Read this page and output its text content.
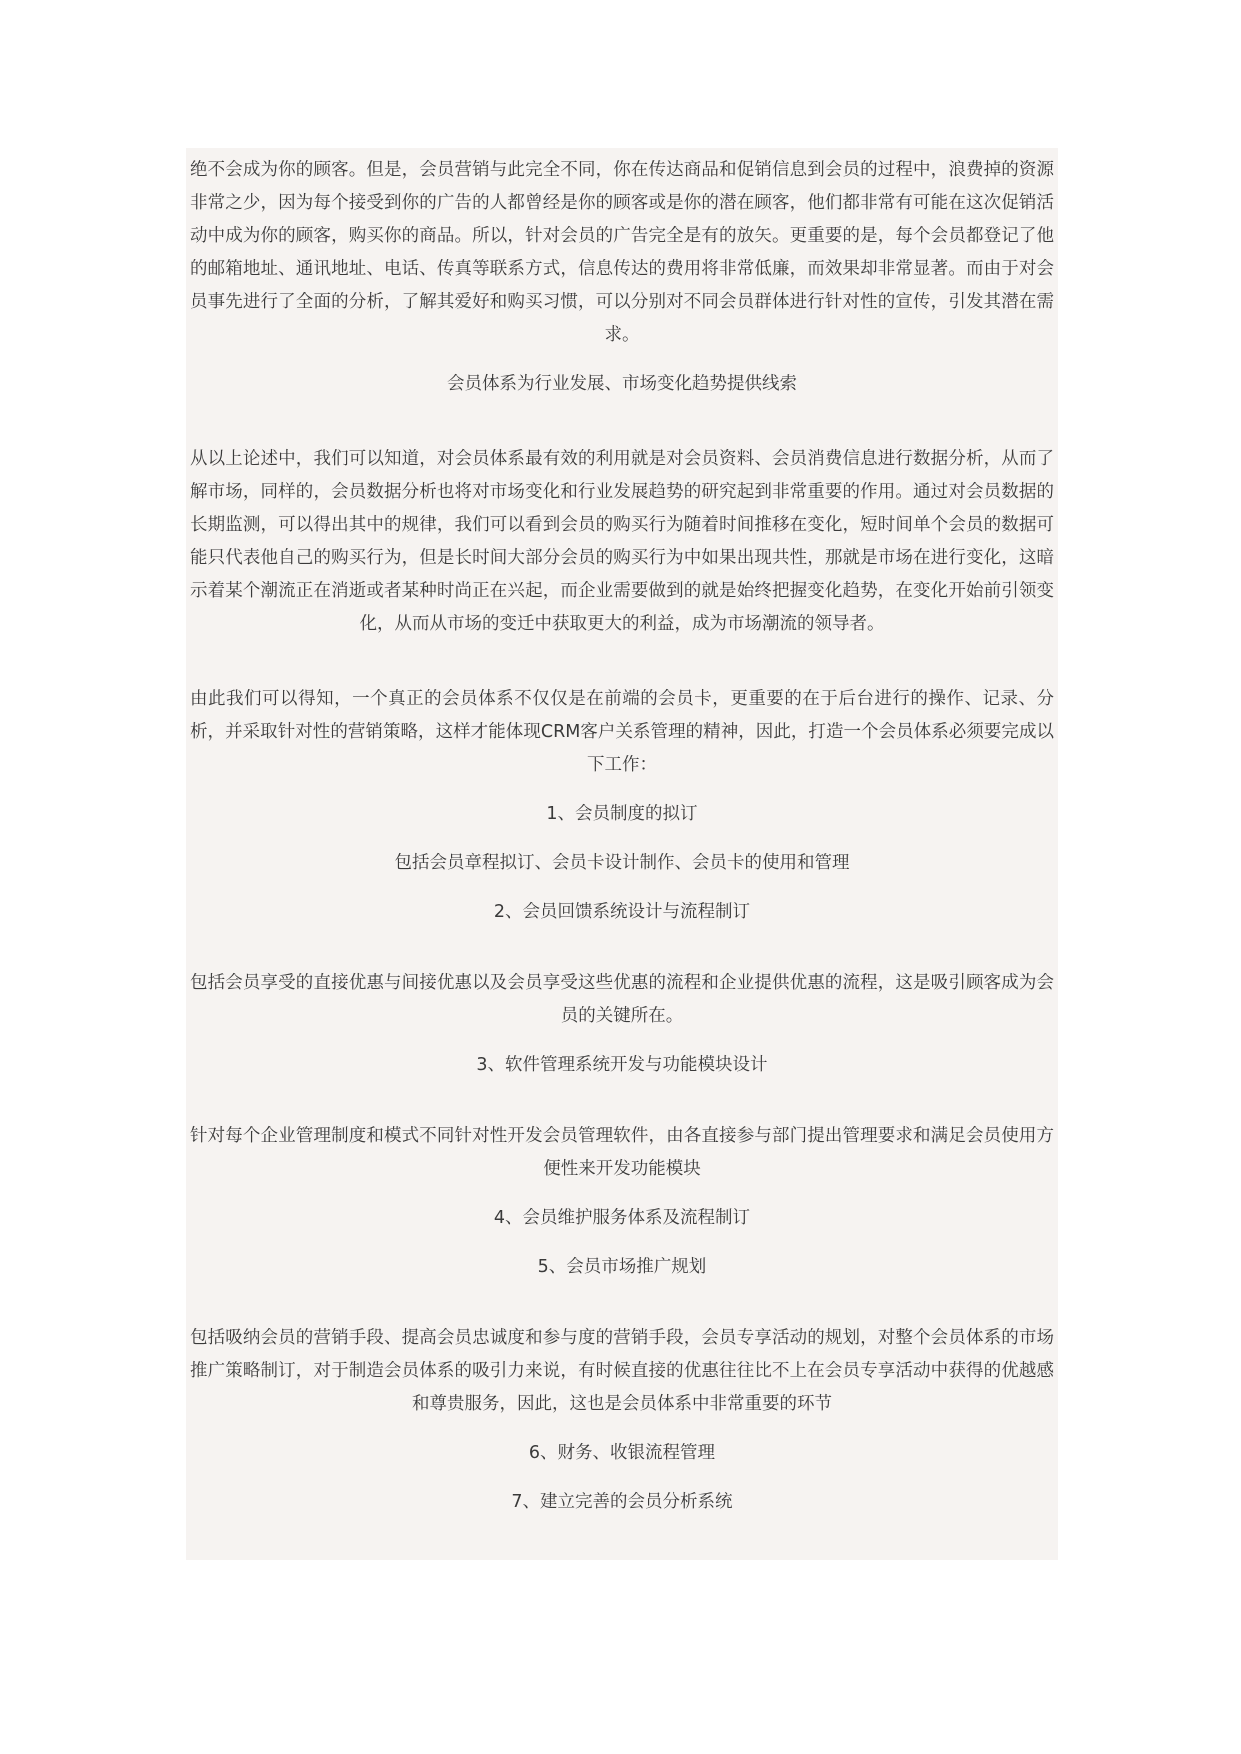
绝不会成为你的顾客。但是，会员营销与此完全不同，你在传达商品和促销信息到会员的过程中，浪费掉的资源非常之少，因为每个接受到你的广告的人都曾经是你的顾客或是你的潜在顾客，他们都非常有可能在这次促销活动中成为你的顾客，购买你的商品。所以，针对会员的广告完全是有的放矢。更重要的是，每个会员都登记了他的邮箱地址、通讯地址、电话、传真等联系方式，信息传达的费用将非常低廉，而效果却非常显著。而由于对会员事先进行了全面的分析，了解其爱好和购买习惯，可以分别对不同会员群体进行针对性的宣传，引发其潜在需求。

会员体系为行业发展、市场变化趋势提供线索

从以上论述中，我们可以知道，对会员体系最有效的利用就是对会员资料、会员消费信息进行数据分析，从而了解市场，同样的，会员数据分析也将对市场变化和行业发展趋势的研究起到非常重要的作用。通过对会员数据的长期监测，可以得出其中的规律，我们可以看到会员的购买行为随着时间推移在变化，短时间单个会员的数据可能只代表他自己的购买行为，但是长时间大部分会员的购买行为中如果出现共性，那就是市场在进行变化，这暗示着某个潮流正在消逝或者某种时尚正在兴起，而企业需要做到的就是始终把握变化趋势，在变化开始前引领变化，从而从市场的变迁中获取更大的利益，成为市场潮流的领导者。

由此我们可以得知，一个真正的会员体系不仅仅是在前端的会员卡，更重要的在于后台进行的操作、记录、分析，并采取针对性的营销策略，这样才能体现CRM客户关系管理的精神，因此，打造一个会员体系必须要完成以下工作：

1、会员制度的拟订

包括会员章程拟订、会员卡设计制作、会员卡的使用和管理

2、会员回馈系统设计与流程制订

包括会员享受的直接优惠与间接优惠以及会员享受这些优惠的流程和企业提供优惠的流程，这是吸引顾客成为会员的关键所在。

3、软件管理系统开发与功能模块设计

针对每个企业管理制度和模式不同针对性开发会员管理软件，由各直接参与部门提出管理要求和满足会员使用方便性来开发功能模块

4、会员维护服务体系及流程制订

5、会员市场推广规划

包括吸纳会员的营销手段、提高会员忠诚度和参与度的营销手段，会员专享活动的规划，对整个会员体系的市场推广策略制订，对于制造会员体系的吸引力来说，有时候直接的优惠往往比不上在会员专享活动中获得的优越感和尊贵服务，因此，这也是会员体系中非常重要的环节

6、财务、收银流程管理

7、建立完善的会员分析系统
